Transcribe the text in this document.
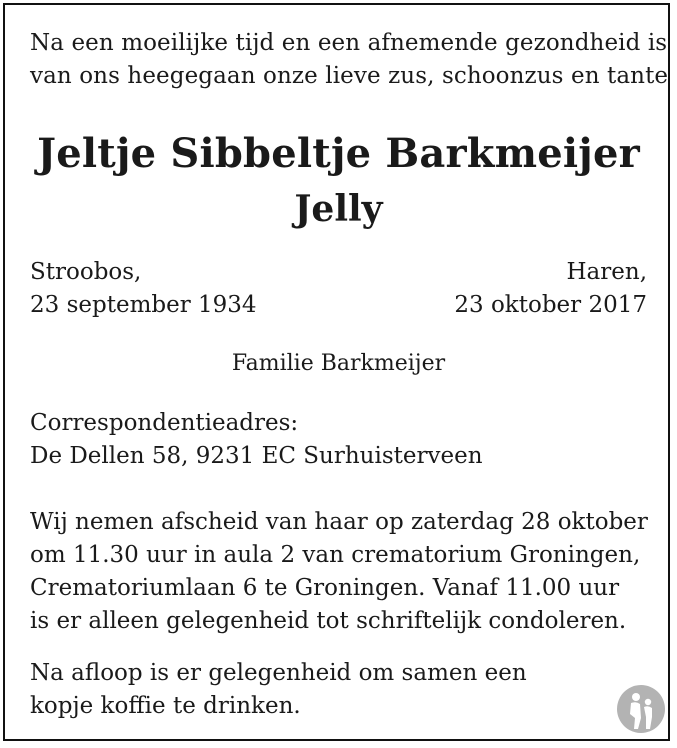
Na een moeilijke tijd en een afnemende gezondheid is
van ons heegegaan onze lieve zus, schoonzus en tante
Jeltje Sibbeltje Barkmeijer
Jelly
Stroobos,
23 september 1934
Haren,
23 oktober 2017
Familie Barkmeijer
Correspondentieadres:
De Dellen 58, 9231 EC Surhuisterveen
Wij nemen afscheid van haar op zaterdag 28 oktober
om 11.30 uur in aula 2 van crematorium Groningen,
Crematoriumlaan 6 te Groningen. Vanaf 11.00 uur
is er alleen gelegenheid tot schriftelijk condoleren.
Na afloop is er gelegenheid om samen een
kopje koffie te drinken.
